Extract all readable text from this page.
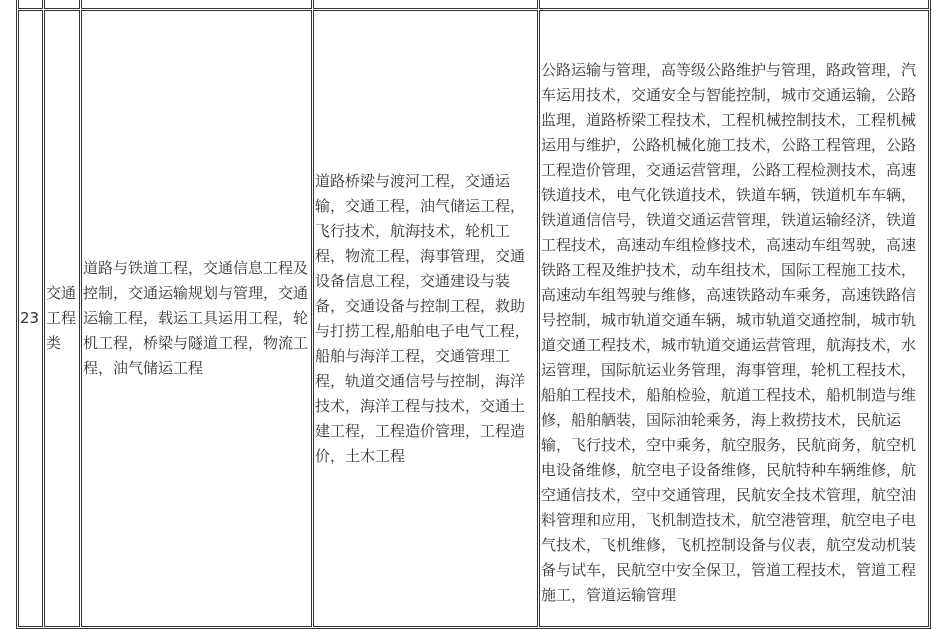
23	交通工程类	道路与铁道工程，交通信息工程及控制，交通运输规划与管理，交通运输工程，载运工具运用工程，轮机工程，桥梁与隧道工程，物流工程，油气储运工程	道路桥梁与渡河工程，交通运输，交通工程，油气储运工程，飞行技术，航海技术，轮机工程，物流工程，海事管理，交通设备信息工程，交通建设与装备，交通设备与控制工程，救助与打捞工程,船舶电子电气工程，船舶与海洋工程，交通管理工程，轨道交通信号与控制，海洋技术，海洋工程与技术，交通土建工程，工程造价管理，工程造价，土木工程	公路运输与管理，高等级公路维护与管理，路政管理，汽车运用技术，交通安全与智能控制，城市交通运输，公路监理，道路桥梁工程技术，工程机械控制技术，工程机械运用与维护，公路机械化施工技术，公路工程管理，公路工程造价管理，交通运营管理，公路工程检测技术，高速铁道技术，电气化铁道技术，铁道车辆，铁道机车车辆，铁道通信信号，铁道交通运营管理，铁道运输经济，铁道工程技术，高速动车组检修技术，高速动车组驾驶，高速铁路工程及维护技术，动车组技术，国际工程施工技术，高速动车组驾驶与维修，高速铁路动车乘务，高速铁路信号控制，城市轨道交通车辆，城市轨道交通控制，城市轨道交通工程技术，城市轨道交通运营管理，航海技术，水运管理，国际航运业务管理，海事管理，轮机工程技术，船舶工程技术，船舶检验，航道工程技术，船机制造与维修，船舶舾装，国际油轮乘务，海上救捞技术，民航运输，飞行技术，空中乘务，航空服务，民航商务，航空机电设备维修，航空电子设备维修，民航特种车辆维修，航空通信技术，空中交通管理，民航安全技术管理，航空油料管理和应用，飞机制造技术，航空港管理，航空电子电气技术，飞机维修，飞机控制设备与仪表，航空发动机装备与试车，民航空中安全保卫，管道工程技术，管道工程施工，管道运输管理
